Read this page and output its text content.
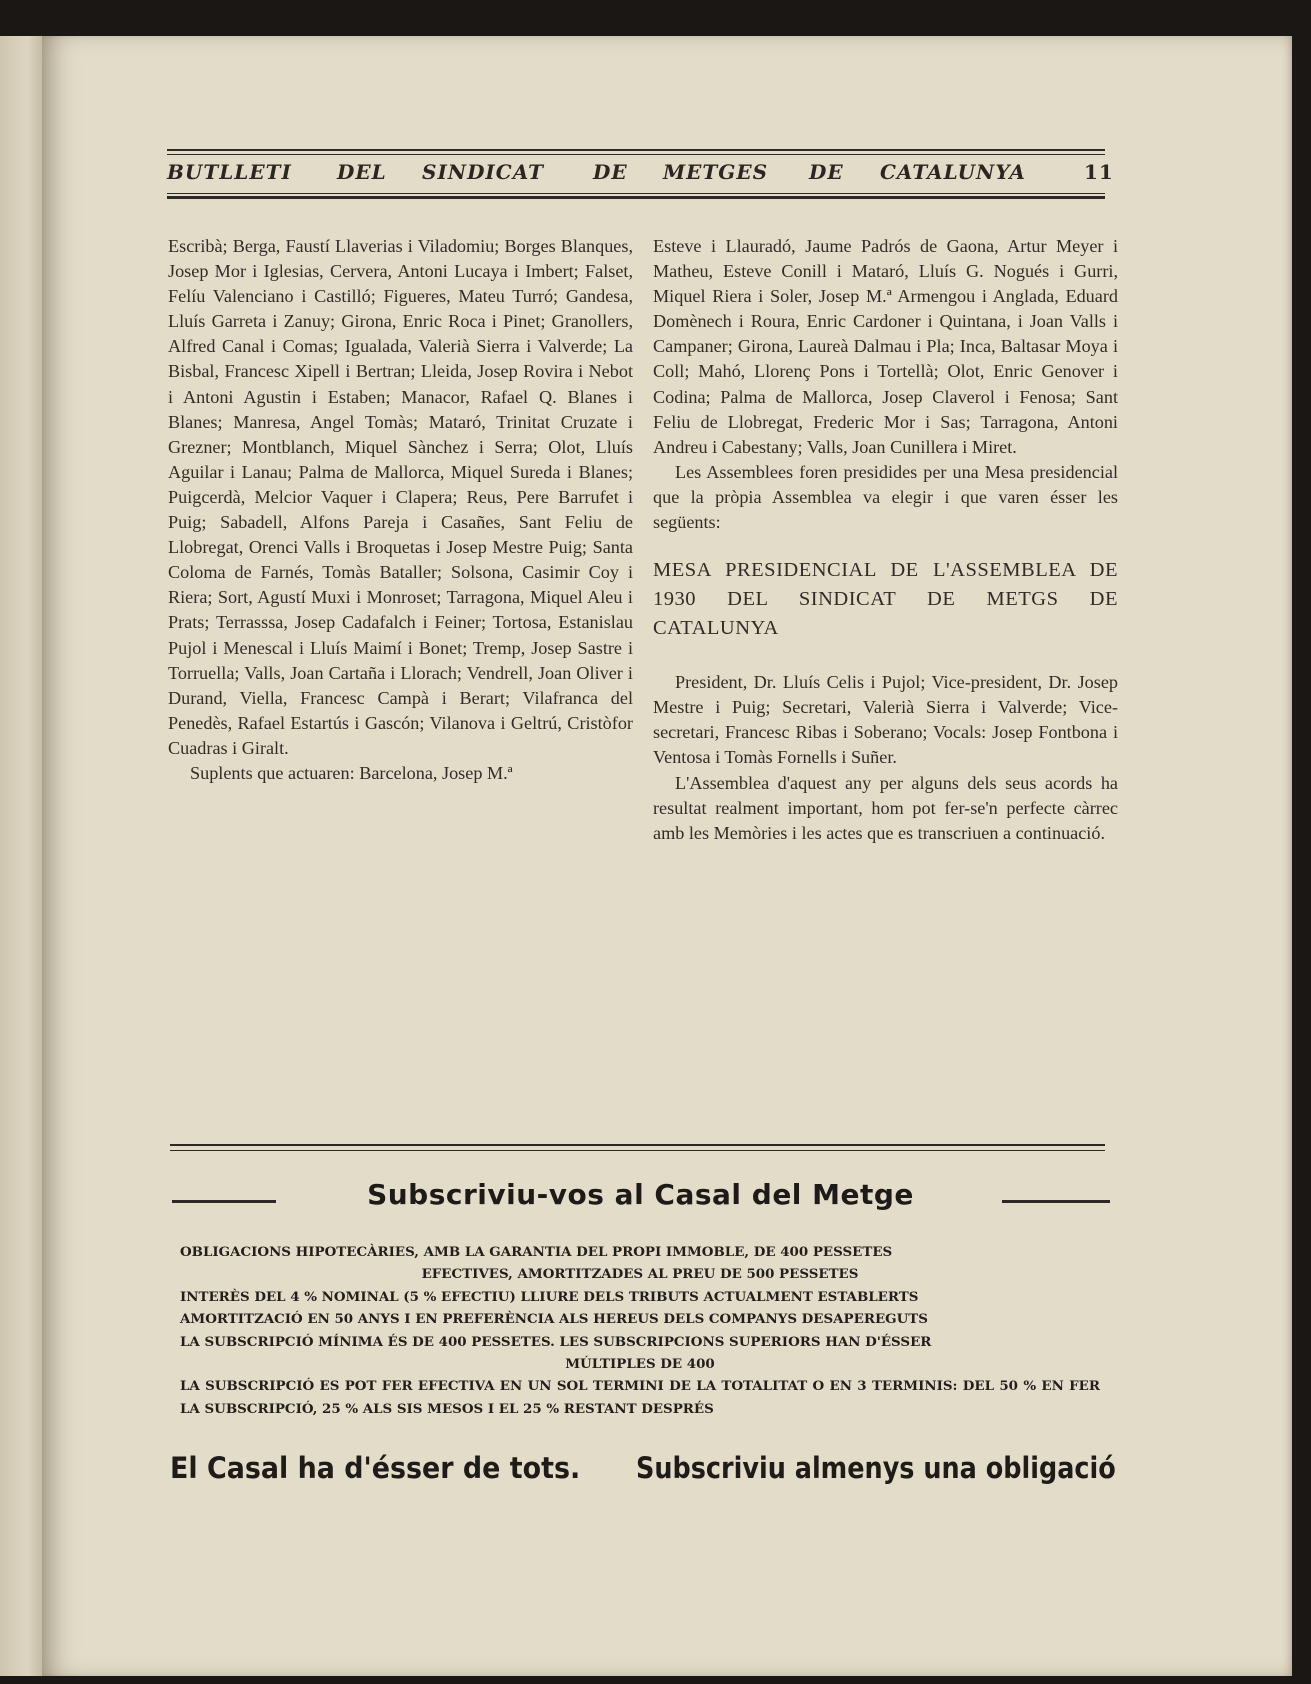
BUTLLETI DEL SINDICAT DE METGES DE CATALUNYA	11

Escribà; Berga, Faustí Llaverias i Viladomiu; Borges Blanques, Josep Mor i Iglesias, Cervera, Antoni Lucaya i Imbert; Falset, Felíu Valenciano i Castilló; Figueres, Mateu Turró; Gandesa, Lluís Garreta i Zanuy; Girona, Enric Roca i Pinet; Granollers, Alfred Canal i Comas; Igualada, Valerià Sierra i Valverde; La Bisbal, Francesc Xipell i Bertran; Lleida, Josep Rovira i Nebot i Antoni Agustin i Estaben; Manacor, Rafael Q. Blanes i Blanes; Manresa, Angel Tomàs; Mataró, Trinitat Cruzate i Grezner; Montblanch, Miquel Sànchez i Serra; Olot, Lluís Aguilar i Lanau; Palma de Mallorca, Miquel Sureda i Blanes; Puigcerdà, Melcior Vaquer i Clapera; Reus, Pere Barrufet i Puig; Sabadell, Alfons Pareja i Casañes, Sant Feliu de Llobregat, Orenci Valls i Broquetas i Josep Mestre Puig; Santa Coloma de Farnés, Tomàs Bataller; Solsona, Casimir Coy i Riera; Sort, Agustí Muxi i Monroset; Tarragona, Miquel Aleu i Prats; Terrasssa, Josep Cadafalch i Feiner; Tortosa, Estanislau Pujol i Menescal i Lluís Maimí i Bonet; Tremp, Josep Sastre i Torruella; Valls, Joan Cartaña i Llorach; Vendrell, Joan Oliver i Durand, Viella, Francesc Campà i Berart; Vilafranca del Penedès, Rafael Estartús i Gascón; Vilanova i Geltrú, Cristòfor Cuadras i Giralt.

Suplents que actuaren: Barcelona, Josep M.ª

Esteve i Llauradó, Jaume Padrós de Gaona, Artur Meyer i Matheu, Esteve Conill i Mataró, Lluís G. Nogués i Gurri, Miquel Riera i Soler, Josep M.ª Armengou i Anglada, Eduard Domènech i Roura, Enric Cardoner i Quintana, i Joan Valls i Campaner; Girona, Laureà Dalmau i Pla; Inca, Baltasar Moya i Coll; Mahó, Llorenç Pons i Tortellà; Olot, Enric Genover i Codina; Palma de Mallorca, Josep Claverol i Fenosa; Sant Feliu de Llobregat, Frederic Mor i Sas; Tarragona, Antoni Andreu i Cabestany; Valls, Joan Cunillera i Miret.

Les Assemblees foren presidides per una Mesa presidencial que la pròpia Assemblea va elegir i que varen ésser les següents:

MESA PRESIDENCIAL DE L'ASSEMBLEA DE 1930 DEL SINDICAT DE METGS DE CATALUNYA

President, Dr. Lluís Celis i Pujol; Vice-president, Dr. Josep Mestre i Puig; Secretari, Valerià Sierra i Valverde; Vice-secretari, Francesc Ribas i Soberano; Vocals: Josep Fontbona i Ventosa i Tomàs Fornells i Suñer.

L'Assemblea d'aquest any per alguns dels seus acords ha resultat realment important, hom pot fer-se'n perfecte càrrec amb les Memòries i les actes que es transcriuen a continuació.

Subscriviu-vos al Casal del Metge

OBLIGACIONS HIPOTECÀRIES, AMB LA GARANTIA DEL PROPI IMMOBLE, DE 400 PESSETES

EFECTIVES, AMORTITZADES AL PREU DE 500 PESSETES

INTERÈS DEL 4 % NOMINAL (5 % EFECTIU) LLIURE DELS TRIBUTS ACTUALMENT ESTABLERTS

AMORTITZACIÓ EN 50 ANYS I EN PREFERÈNCIA ALS HEREUS DELS COMPANYS DESAPEREGUTS

LA SUBSCRIPCIÓ MÍNIMA ÉS DE 400 PESSETES. LES SUBSCRIPCIONS SUPERIORS HAN D'ÉSSER

MÚLTIPLES DE 400

LA SUBSCRIPCIÓ ES POT FER EFECTIVA EN UN SOL TERMINI DE LA TOTALITAT O EN 3 TERMINIS: DEL 50 % EN FER LA SUBSCRIPCIÓ, 25 % ALS SIS MESOS I EL 25 % RESTANT DESPRÉS

El Casal ha d'ésser de tots. Subscriviu almenys una obligació
